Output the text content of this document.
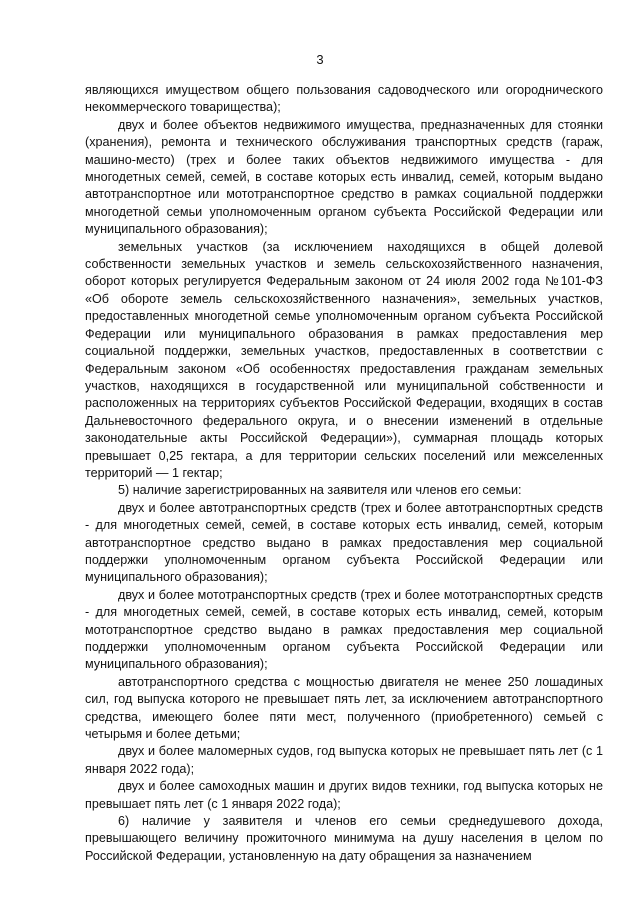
3

являющихся имуществом общего пользования садоводческого или огороднического некоммерческого товарищества);

двух и более объектов недвижимого имущества, предназначенных для стоянки (хранения), ремонта и технического обслуживания транспортных средств (гараж, машино-место) (трех и более таких объектов недвижимого имущества - для многодетных семей, семей, в составе которых есть инвалид, семей, которым выдано автотранспортное или мототранспортное средство в рамках социальной поддержки многодетной семьи уполномоченным органом субъекта Российской Федерации или муниципального образования);

земельных участков (за исключением находящихся в общей долевой собственности земельных участков и земель сельскохозяйственного назначения, оборот которых регулируется Федеральным законом от 24 июля 2002 года №101-ФЗ «Об обороте земель сельскохозяйственного назначения», земельных участков, предоставленных многодетной семье уполномоченным органом субъекта Российской Федерации или муниципального образования в рамках предоставления мер социальной поддержки, земельных участков, предоставленных в соответствии с Федеральным законом «Об особенностях предоставления гражданам земельных участков, находящихся в государственной или муниципальной собственности и расположенных на территориях субъектов Российской Федерации, входящих в состав Дальневосточного федерального округа, и о внесении изменений в отдельные законодательные акты Российской Федерации»), суммарная площадь которых превышает 0,25 гектара, а для территории сельских поселений или межселенных территорий — 1 гектар;

5) наличие зарегистрированных на заявителя или членов его семьи:

двух и более автотранспортных средств (трех и более автотранспортных средств - для многодетных семей, семей, в составе которых есть инвалид, семей, которым автотранспортное средство выдано в рамках предоставления мер социальной поддержки уполномоченным органом субъекта Российской Федерации или муниципального образования);

двух и более мототранспортных средств (трех и более мототранспортных средств - для многодетных семей, семей, в составе которых есть инвалид, семей, которым мототранспортное средство выдано в рамках предоставления мер социальной поддержки уполномоченным органом субъекта Российской Федерации или муниципального образования);

автотранспортного средства с мощностью двигателя не менее 250 лошадиных сил, год выпуска которого не превышает пять лет, за исключением автотранспортного средства, имеющего более пяти мест, полученного (приобретенного) семьей с четырьмя и более детьми;

двух и более маломерных судов, год выпуска которых не превышает пять лет (с 1 января 2022 года);

двух и более самоходных машин и других видов техники, год выпуска которых не превышает пять лет (с 1 января 2022 года);

6) наличие у заявителя и членов его семьи среднедушевого дохода, превышающего величину прожиточного минимума на душу населения в целом по Российской Федерации, установленную на дату обращения за назначением
